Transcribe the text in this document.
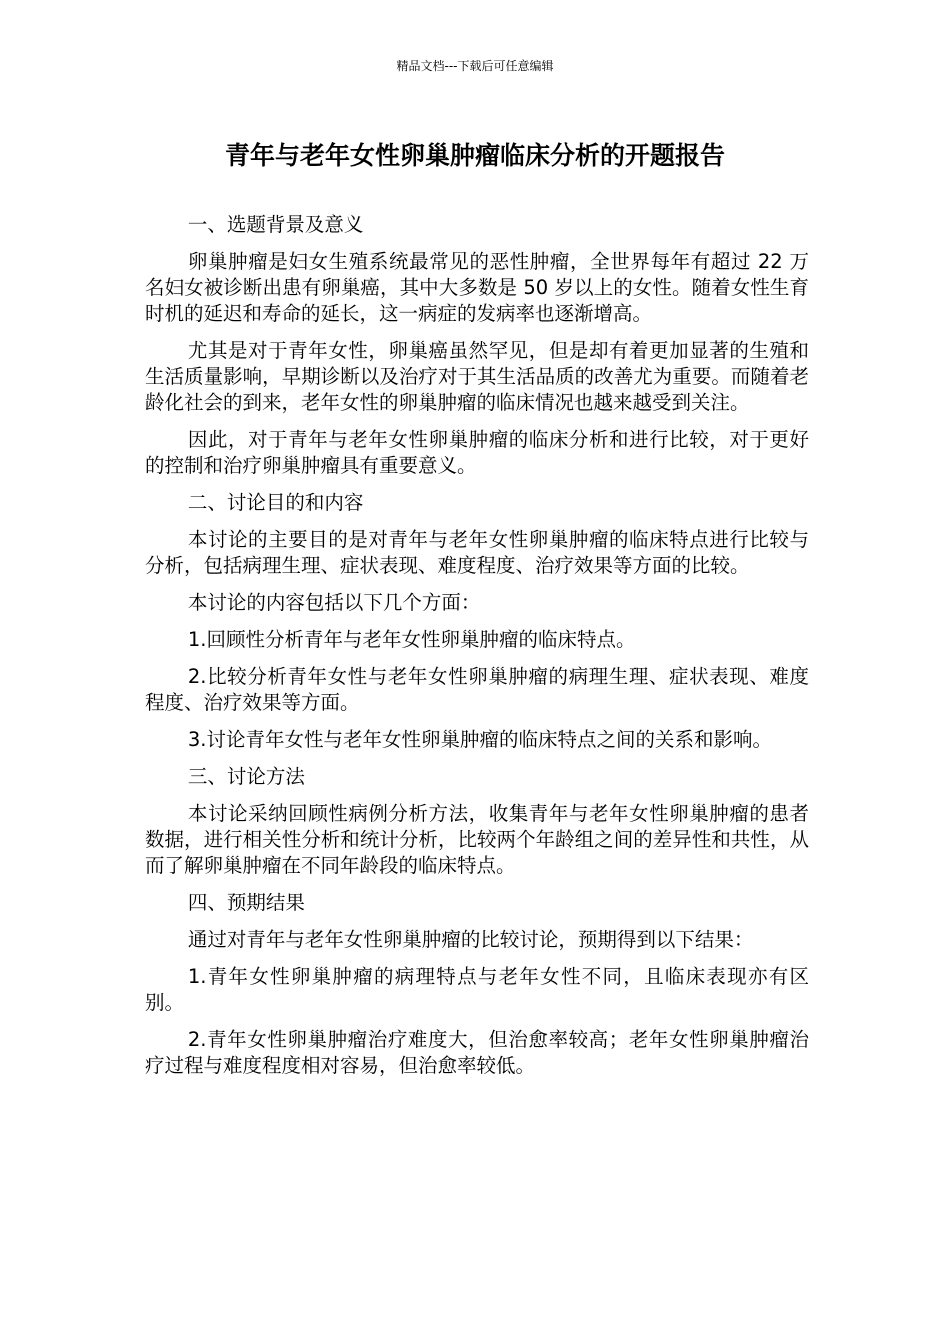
精品文档---下载后可任意编辑
青年与老年女性卵巢肿瘤临床分析的开题报告

一、选题背景及意义

卵巢肿瘤是妇女生殖系统最常见的恶性肿瘤，全世界每年有超过 22 万名妇女被诊断出患有卵巢癌，其中大多数是 50 岁以上的女性。随着女性生育时机的延迟和寿命的延长，这一病症的发病率也逐渐增高。

尤其是对于青年女性，卵巢癌虽然罕见，但是却有着更加显著的生殖和生活质量影响，早期诊断以及治疗对于其生活品质的改善尤为重要。而随着老龄化社会的到来，老年女性的卵巢肿瘤的临床情况也越来越受到关注。

因此，对于青年与老年女性卵巢肿瘤的临床分析和进行比较，对于更好的控制和治疗卵巢肿瘤具有重要意义。

二、讨论目的和内容

本讨论的主要目的是对青年与老年女性卵巢肿瘤的临床特点进行比较与分析，包括病理生理、症状表现、难度程度、治疗效果等方面的比较。

本讨论的内容包括以下几个方面：

1.回顾性分析青年与老年女性卵巢肿瘤的临床特点。

2.比较分析青年女性与老年女性卵巢肿瘤的病理生理、症状表现、难度程度、治疗效果等方面。

3.讨论青年女性与老年女性卵巢肿瘤的临床特点之间的关系和影响。

三、讨论方法

本讨论采纳回顾性病例分析方法，收集青年与老年女性卵巢肿瘤的患者数据，进行相关性分析和统计分析，比较两个年龄组之间的差异性和共性，从而了解卵巢肿瘤在不同年龄段的临床特点。

四、预期结果

通过对青年与老年女性卵巢肿瘤的比较讨论，预期得到以下结果：

1.青年女性卵巢肿瘤的病理特点与老年女性不同，且临床表现亦有区别。

2.青年女性卵巢肿瘤治疗难度大，但治愈率较高；老年女性卵巢肿瘤治疗过程与难度程度相对容易，但治愈率较低。
